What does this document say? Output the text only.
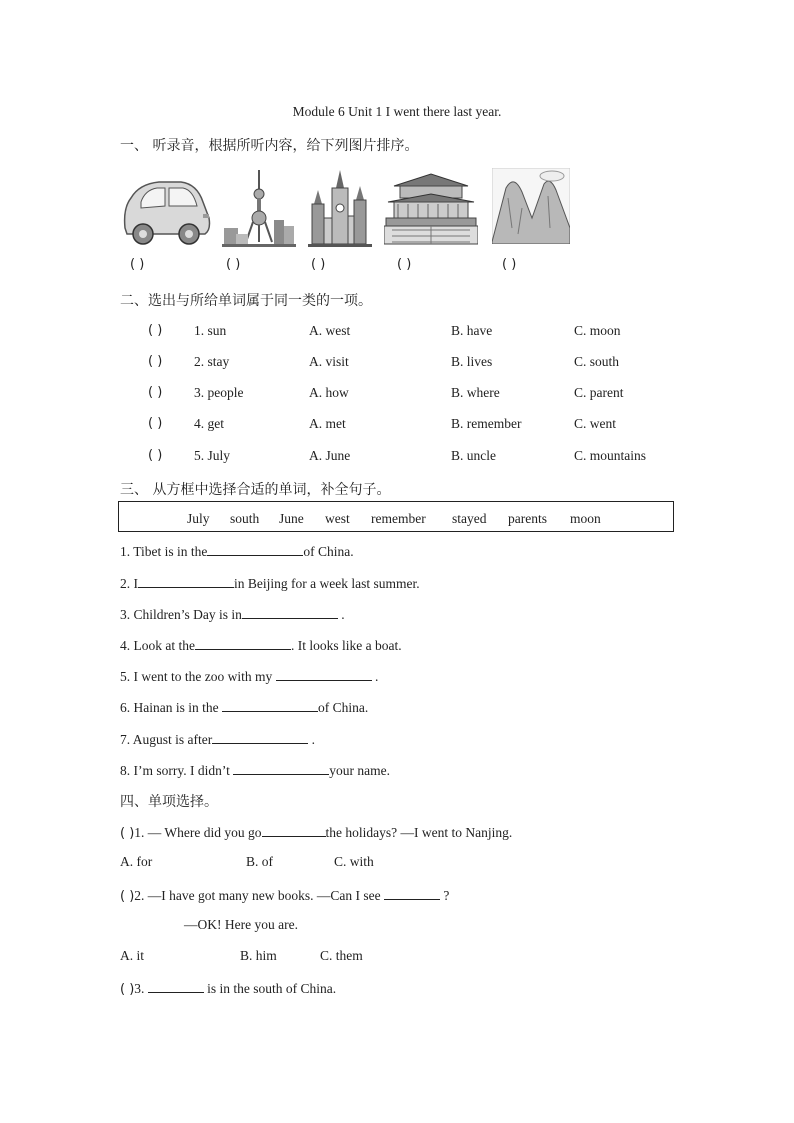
Module 6 Unit 1 I went there last year.
一、 听录音，根据所听内容，给下列图片排序。
( )	( )	( )	( )	( )
二、选出与所给单词属于同一类的一项。
( ) 1. sun	A. west	B. have	C. moon
( ) 2. stay	A. visit	B. lives	C. south
( ) 3. people	A. how	B. where	C. parent
( ) 4. get	A. met	B. remember	C. went
( ) 5. July	A. June	B. uncle	C. mountains
三、 从方框中选择合适的单词，补全句子。
July south June west remember stayed parents moon
1. Tibet is in the	of China.
2. I	in Beijing for a week last summer.
3. Children’s Day is in	.
4. Look at the	. It looks like a boat.
5. I went to the zoo with my	.
6. Hainan is in the	of China.
7. August is after	.
8. I’m sorry. I didn’t	your name.
四、单项选择。
( )1. — Where did you go	the holidays? —I went to Nanjing.
A. for	B. of	C. with
( )2. —I have got many new books. —Can I see	?
—OK! Here you are.
A. it	B. him	C. them
( )3.	is in the south of China.
